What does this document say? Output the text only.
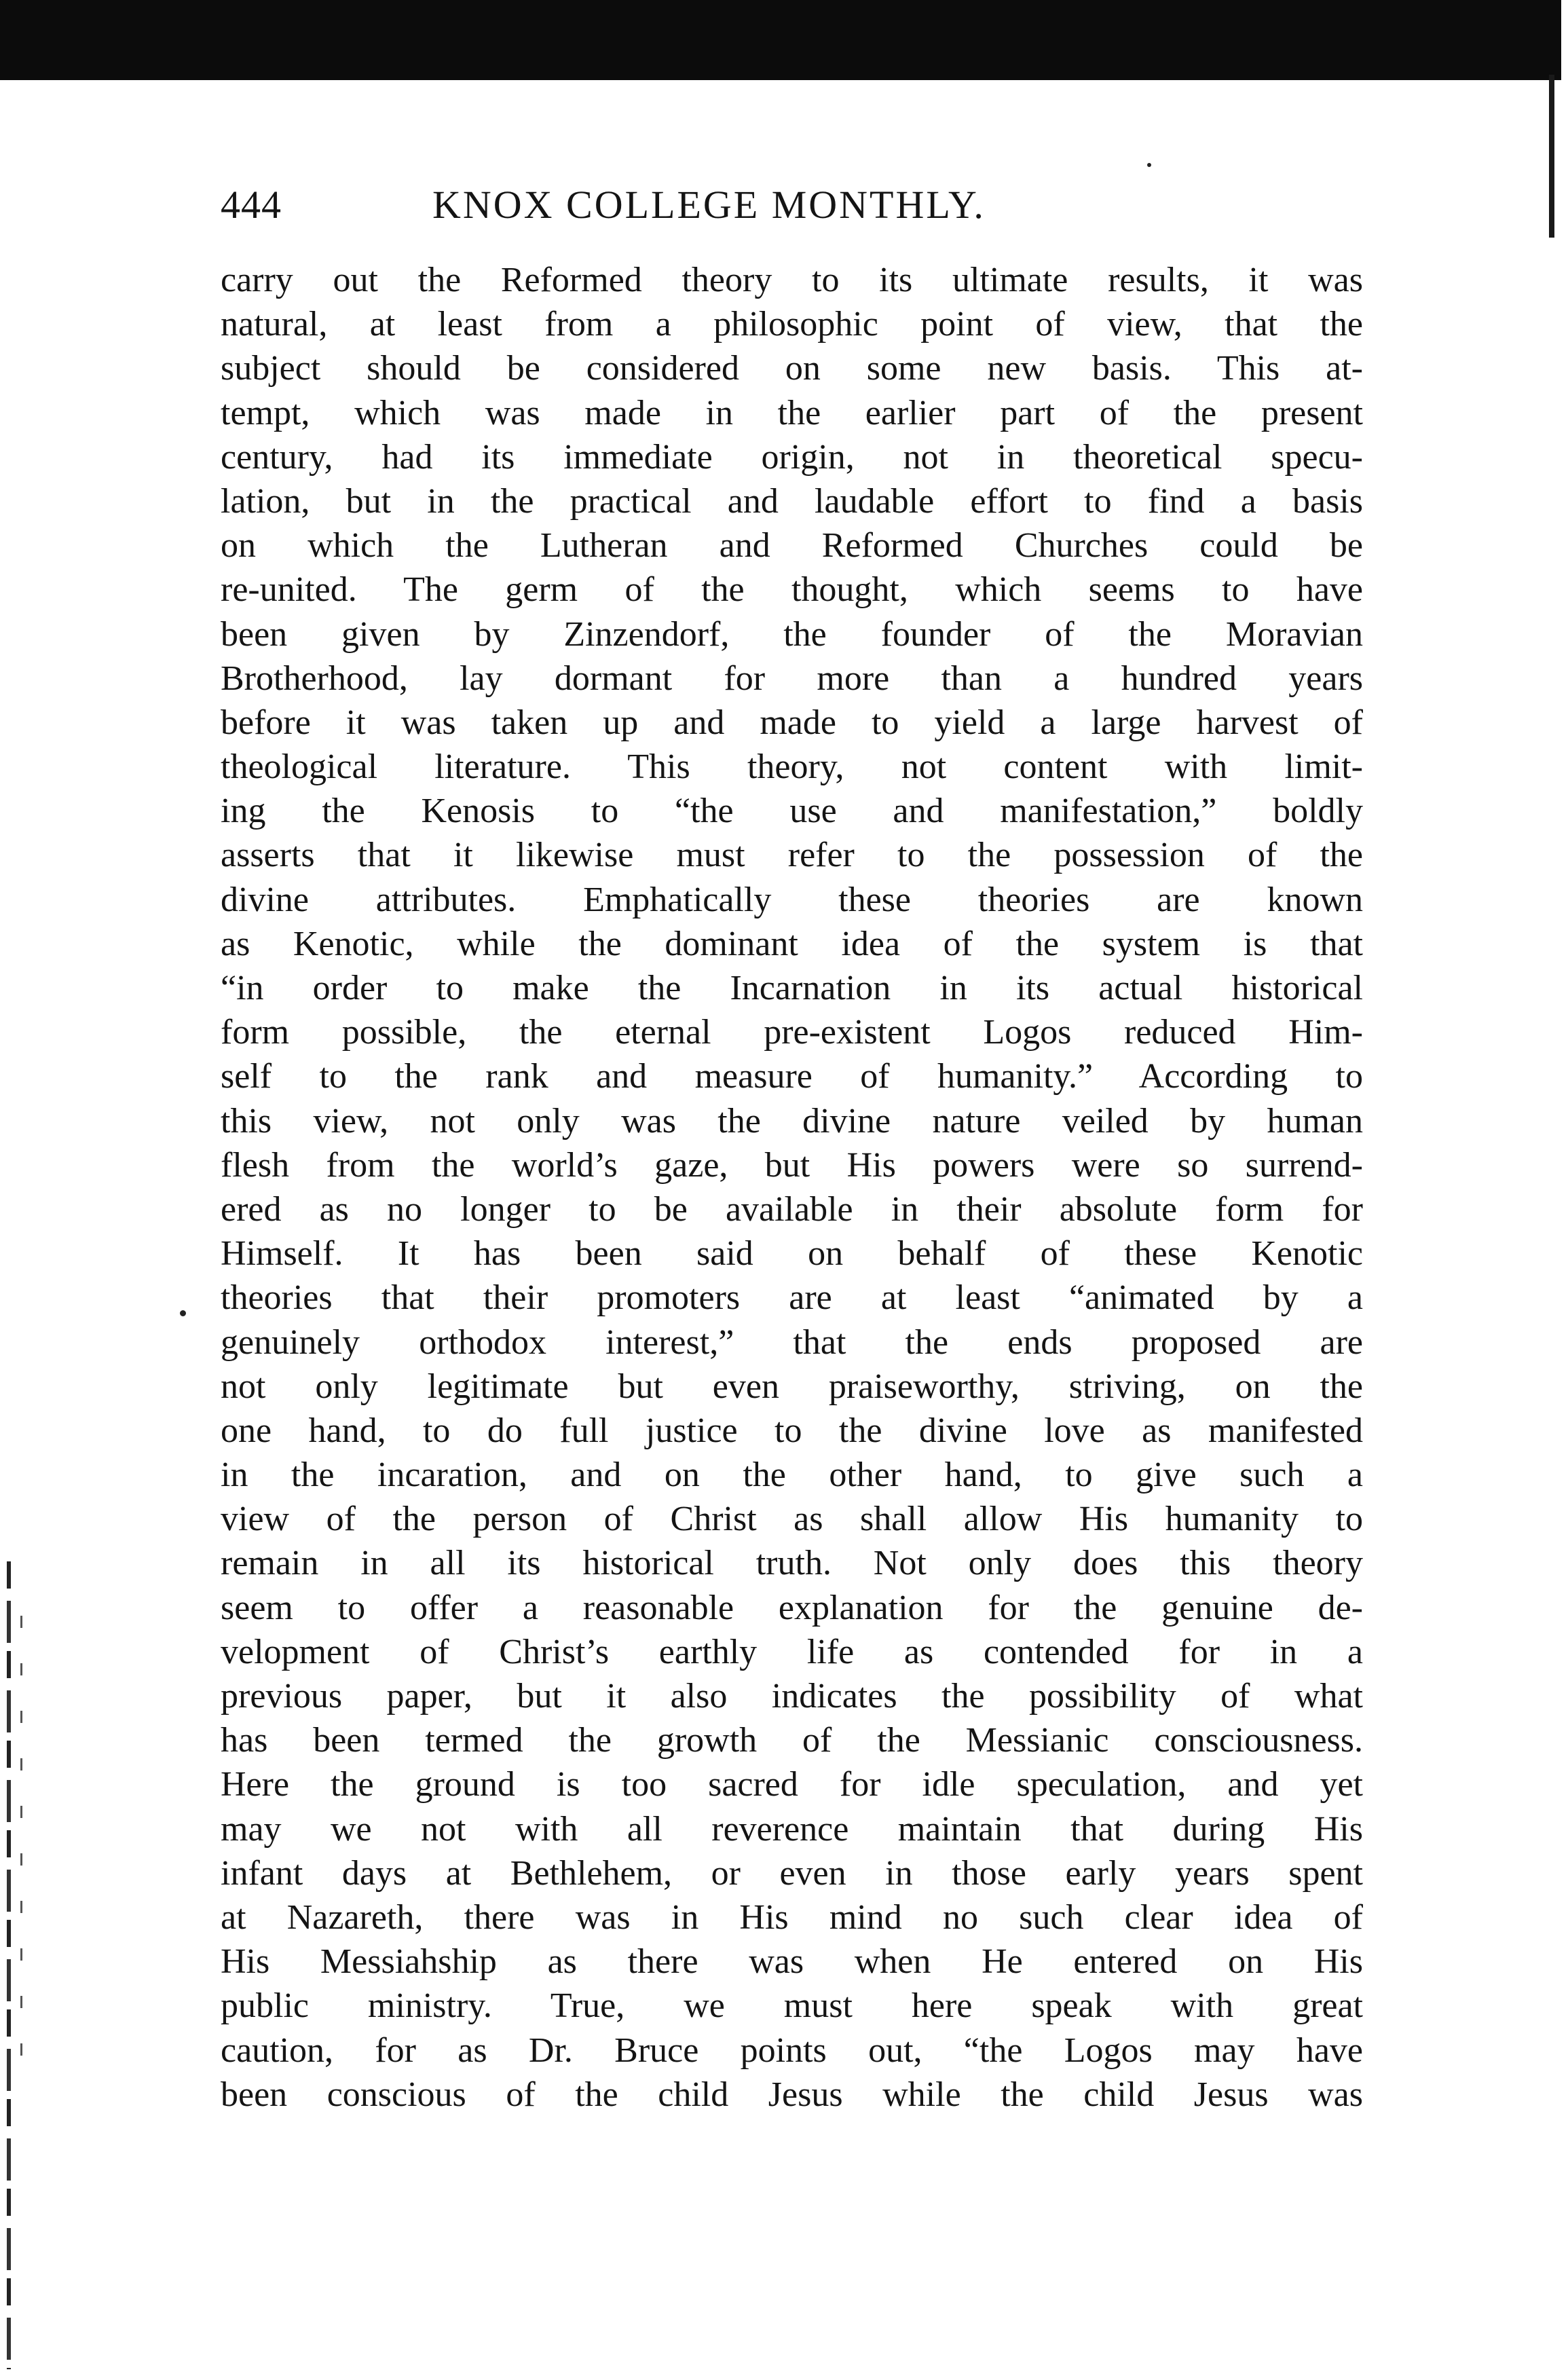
444	KNOX COLLEGE MONTHLY.
carry out the Reformed theory to its ultimate results, it was
natural, at least from a philosophic point of view, that the
subject should be considered on some new basis. This at-
tempt, which was made in the earlier part of the present
century, had its immediate origin, not in theoretical specu-
lation, but in the practical and laudable effort to find a basis
on which the Lutheran and Reformed Churches could be
re-united. The germ of the thought, which seems to have
been given by Zinzendorf, the founder of the Moravian
Brotherhood, lay dormant for more than a hundred years
before it was taken up and made to yield a large harvest of
theological literature. This theory, not content with limit-
ing the Kenosis to “the use and manifestation,” boldly
asserts that it likewise must refer to the possession of the
divine attributes. Emphatically these theories are known
as Kenotic, while the dominant idea of the system is that
“in order to make the Incarnation in its actual historical
form possible, the eternal pre-existent Logos reduced Him-
self to the rank and measure of humanity.” According to
this view, not only was the divine nature veiled by human
flesh from the world’s gaze, but His powers were so surrend-
ered as no longer to be available in their absolute form for
Himself. It has been said on behalf of these Kenotic
theories that their promoters are at least “animated by a
genuinely orthodox interest,” that the ends proposed are
not only legitimate but even praiseworthy, striving, on the
one hand, to do full justice to the divine love as manifested
in the incaration, and on the other hand, to give such a
view of the person of Christ as shall allow His humanity to
remain in all its historical truth. Not only does this theory
seem to offer a reasonable explanation for the genuine de-
velopment of Christ’s earthly life as contended for in a
previous paper, but it also indicates the possibility of what
has been termed the growth of the Messianic consciousness.
Here the ground is too sacred for idle speculation, and yet
may we not with all reverence maintain that during His
infant days at Bethlehem, or even in those early years spent
at Nazareth, there was in His mind no such clear idea of
His Messiahship as there was when He entered on His
public ministry. True, we must here speak with great
caution, for as Dr. Bruce points out, “the Logos may have
been conscious of the child Jesus while the child Jesus was
